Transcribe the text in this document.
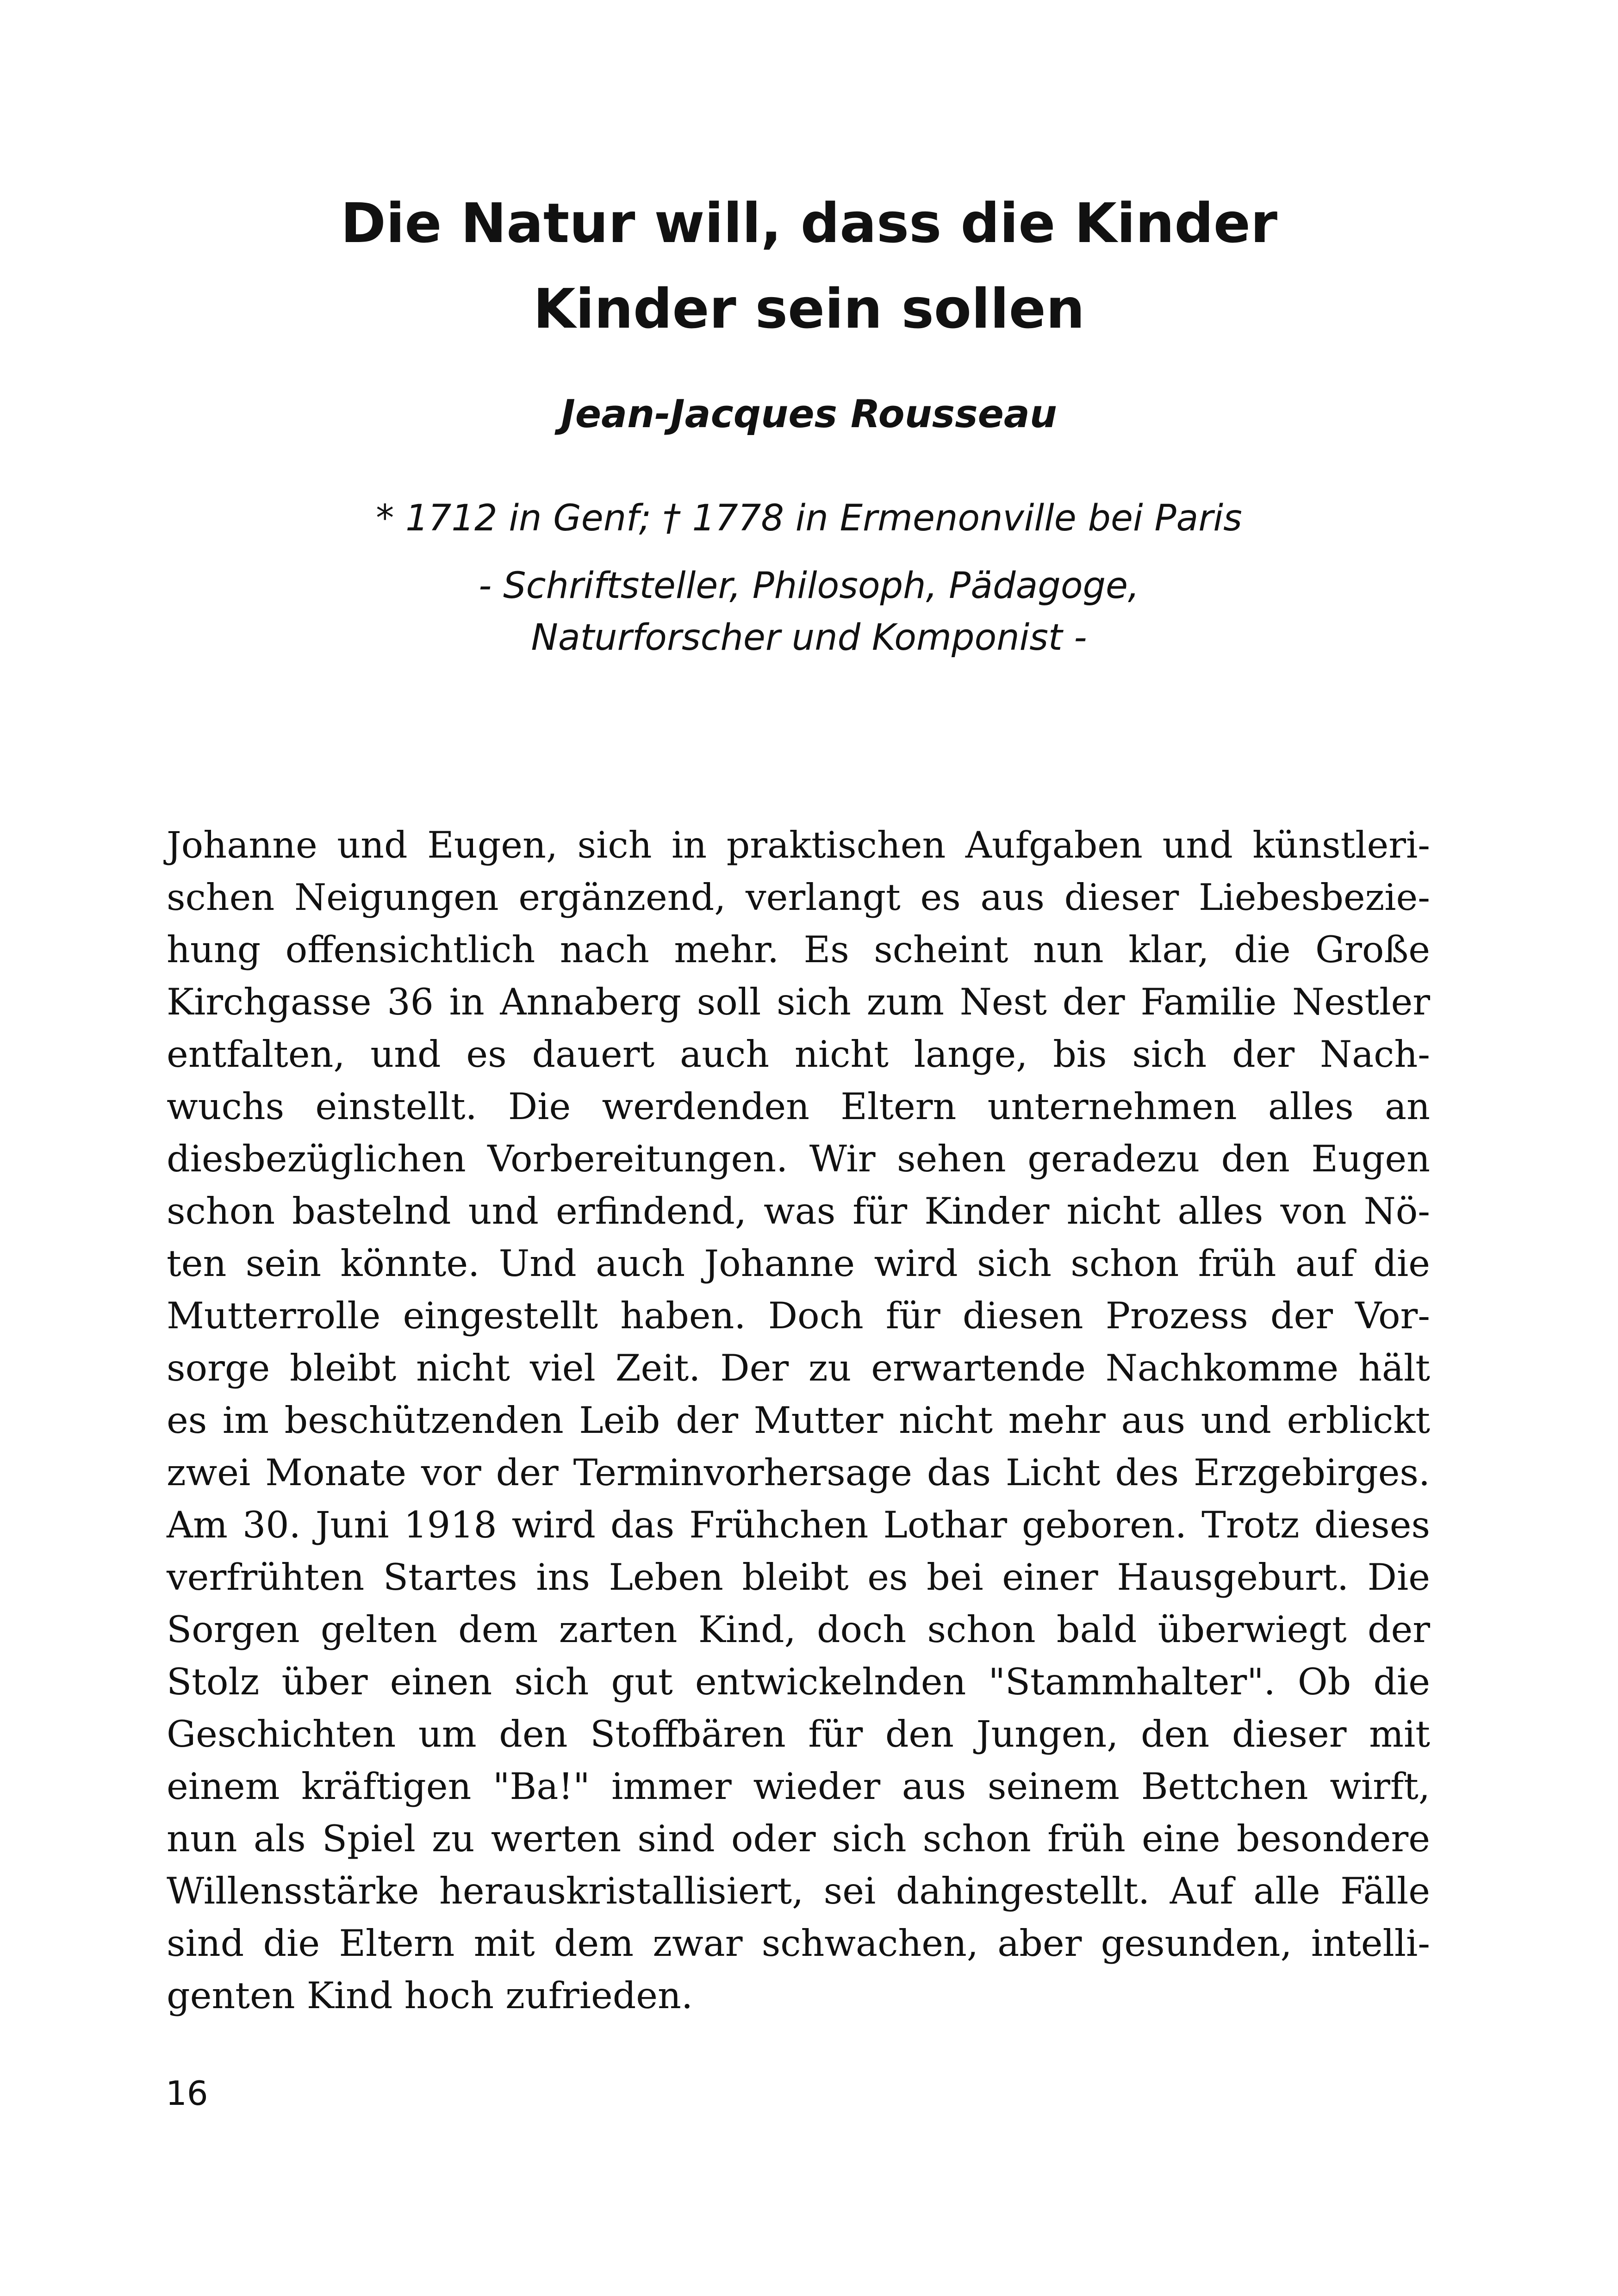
Die Natur will, dass die Kinder
Kinder sein sollen
Jean-Jacques Rousseau
* 1712 in Genf; † 1778 in Ermenonville bei Paris
- Schriftsteller, Philosoph, Pädagoge,
Naturforscher und Komponist -
Johanne und Eugen, sich in praktischen Aufgaben und künstleri-
schen Neigungen ergänzend, verlangt es aus dieser Liebesbezie-
hung offensichtlich nach mehr. Es scheint nun klar, die Große
Kirchgasse 36 in Annaberg soll sich zum Nest der Familie Nestler
entfalten, und es dauert auch nicht lange, bis sich der Nach-
wuchs einstellt. Die werdenden Eltern unternehmen alles an
diesbezüglichen Vorbereitungen. Wir sehen geradezu den Eugen
schon bastelnd und erfindend, was für Kinder nicht alles von Nö-
ten sein könnte. Und auch Johanne wird sich schon früh auf die
Mutterrolle eingestellt haben. Doch für diesen Prozess der Vor-
sorge bleibt nicht viel Zeit. Der zu erwartende Nachkomme hält
es im beschützenden Leib der Mutter nicht mehr aus und erblickt
zwei Monate vor der Terminvorhersage das Licht des Erzgebirges.
Am 30. Juni 1918 wird das Frühchen Lothar geboren. Trotz dieses
verfrühten Startes ins Leben bleibt es bei einer Hausgeburt. Die
Sorgen gelten dem zarten Kind, doch schon bald überwiegt der
Stolz über einen sich gut entwickelnden "Stammhalter". Ob die
Geschichten um den Stoffbären für den Jungen, den dieser mit
einem kräftigen "Ba!" immer wieder aus seinem Bettchen wirft,
nun als Spiel zu werten sind oder sich schon früh eine besondere
Willensstärke herauskristallisiert, sei dahingestellt. Auf alle Fälle
sind die Eltern mit dem zwar schwachen, aber gesunden, intelli-
genten Kind hoch zufrieden.
16
